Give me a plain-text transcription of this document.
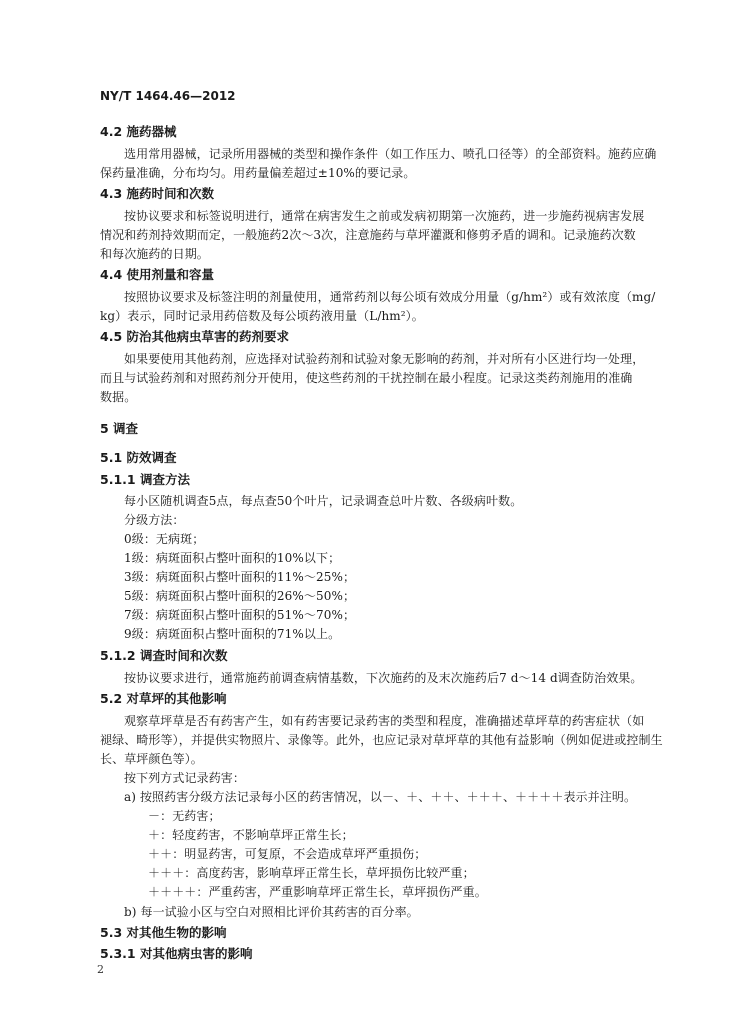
NY/T 1464.46—2012
4.2 施药器械
选用常用器械，记录所用器械的类型和操作条件（如工作压力、喷孔口径等）的全部资料。施药应确
保药量准确，分布均匀。用药量偏差超过±10%的要记录。
4.3 施药时间和次数
按协议要求和标签说明进行，通常在病害发生之前或发病初期第一次施药，进一步施药视病害发展
情况和药剂持效期而定，一般施药2次～3次，注意施药与草坪灌溉和修剪矛盾的调和。记录施药次数
和每次施药的日期。
4.4 使用剂量和容量
按照协议要求及标签注明的剂量使用，通常药剂以每公顷有效成分用量（g/hm²）或有效浓度（mg/
kg）表示，同时记录用药倍数及每公顷药液用量（L/hm²）。
4.5 防治其他病虫草害的药剂要求
如果要使用其他药剂，应选择对试验药剂和试验对象无影响的药剂，并对所有小区进行均一处理，
而且与试验药剂和对照药剂分开使用，使这些药剂的干扰控制在最小程度。记录这类药剂施用的准确
数据。
5 调查
5.1 防效调查
5.1.1 调查方法
每小区随机调查5点，每点查50个叶片，记录调查总叶片数、各级病叶数。
分级方法：
0级：无病斑；
1级：病斑面积占整叶面积的10%以下；
3级：病斑面积占整叶面积的11%～25%；
5级：病斑面积占整叶面积的26%～50%；
7级：病斑面积占整叶面积的51%～70%；
9级：病斑面积占整叶面积的71%以上。
5.1.2 调查时间和次数
按协议要求进行，通常施药前调查病情基数，下次施药的及末次施药后7 d～14 d调查防治效果。
5.2 对草坪的其他影响
观察草坪草是否有药害产生，如有药害要记录药害的类型和程度，准确描述草坪草的药害症状（如
褪绿、畸形等），并提供实物照片、录像等。此外，也应记录对草坪草的其他有益影响（例如促进或控制生
长、草坪颜色等）。
按下列方式记录药害：
a) 按照药害分级方法记录每小区的药害情况，以－、＋、＋＋、＋＋＋、＋＋＋＋表示并注明。
－：无药害；
＋：轻度药害，不影响草坪正常生长；
＋＋：明显药害，可复原，不会造成草坪严重损伤；
＋＋＋：高度药害，影响草坪正常生长，草坪损伤比较严重；
＋＋＋＋：严重药害，严重影响草坪正常生长，草坪损伤严重。
b) 每一试验小区与空白对照相比评价其药害的百分率。
5.3 对其他生物的影响
5.3.1 对其他病虫害的影响
2
